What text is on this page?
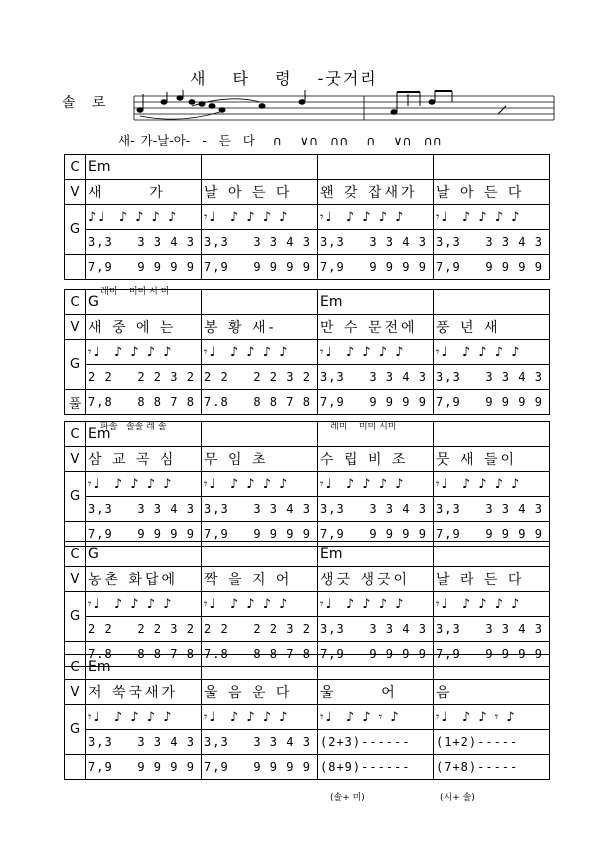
새 타 령 -굿거리
솔 로
새- 가-날-아-  -  든  다   ∩   ∨∩  ∩∩   ∩   ∨∩  ∩∩
C	Em			
V	새      가	날 아 든 다	왠 갖 잡새가	날 아 든 다
G	♪♩  ♪ ♪ ♪ ♪	𝄾♩  ♪ ♪ ♪ ♪	𝄾♩  ♪ ♪ ♪ ♪	𝄾♩  ♪ ♪ ♪ ♪
	3,3   3 3 4 3	3,3   3 3 4 3	3,3   3 3 4 3	3,3   3 3 4 3
	7,9   9 9 9 9	7,9   9 9 9 9	7,9   9 9 9 9	7,9   9 9 9 9
레미    미미 시 미
C	G		Em	
V	새 중 에 는	봉 황 새-	만 수 문전에	풍 년 새
G	𝄾♩  ♪ ♪ ♪ ♪	𝄾♩  ♪ ♪ ♪ ♪	𝄾♩  ♪ ♪ ♪ ♪	𝄾♩  ♪ ♪ ♪ ♪
	2 2   2 2 3 2	2 2   2 2 3 2	3,3   3 3 4 3	3,3   3 3 4 3
풀	7,8   8 8 7 8	7.8   8 8 7 8	7,9   9 9 9 9	7,9   9 9 9 9
파솔   솔솔 레 솔	레미    미미 시미
C	Em			
V	삼 교 곡 심	무 임 초	수 립 비 조	뭇 새 들이
G	𝄾♩  ♪ ♪ ♪ ♪	𝄾♩  ♪ ♪ ♪ ♪	𝄾♩  ♪ ♪ ♪ ♪	𝄾♩  ♪ ♪ ♪ ♪
	3,3   3 3 4 3	3,3   3 3 4 3	3,3   3 3 4 3	3,3   3 3 4 3
	7,9   9 9 9 9	7,9   9 9 9 9	7,9   9 9 9 9	7,9   9 9 9 9
C	G		Em	
V	농촌 화답에	짝 을 지 어	생긋 생긋이	날 라 든 다
G	𝄾♩  ♪ ♪ ♪ ♪	𝄾♩  ♪ ♪ ♪ ♪	𝄾♩  ♪ ♪ ♪ ♪	𝄾♩  ♪ ♪ ♪ ♪
	2 2   2 2 3 2	2 2   2 2 3 2	3,3   3 3 4 3	3,3   3 3 4 3
	7.8   8 8 7 8	7.8   8 8 7 8	7,9   9 9 9 9	7,9   9 9 9 9
C	Em			
V	저 쑥국새가	울 음 운 다	울      어	음
G	𝄾♩  ♪ ♪ ♪ ♪	𝄾♩  ♪ ♪ ♪ ♪	𝄾♩  ♪ ♪ 𝄾 ♪	𝄾♩  ♪ ♪ 𝄾 ♪
	3,3   3 3 4 3	3,3   3 3 4 3	(2+3)------	(1+2)-----
	7,9   9 9 9 9	7,9   9 9 9 9	(8+9)------	(7+8)-----
(솔+ 미)	(시+ 솔)
